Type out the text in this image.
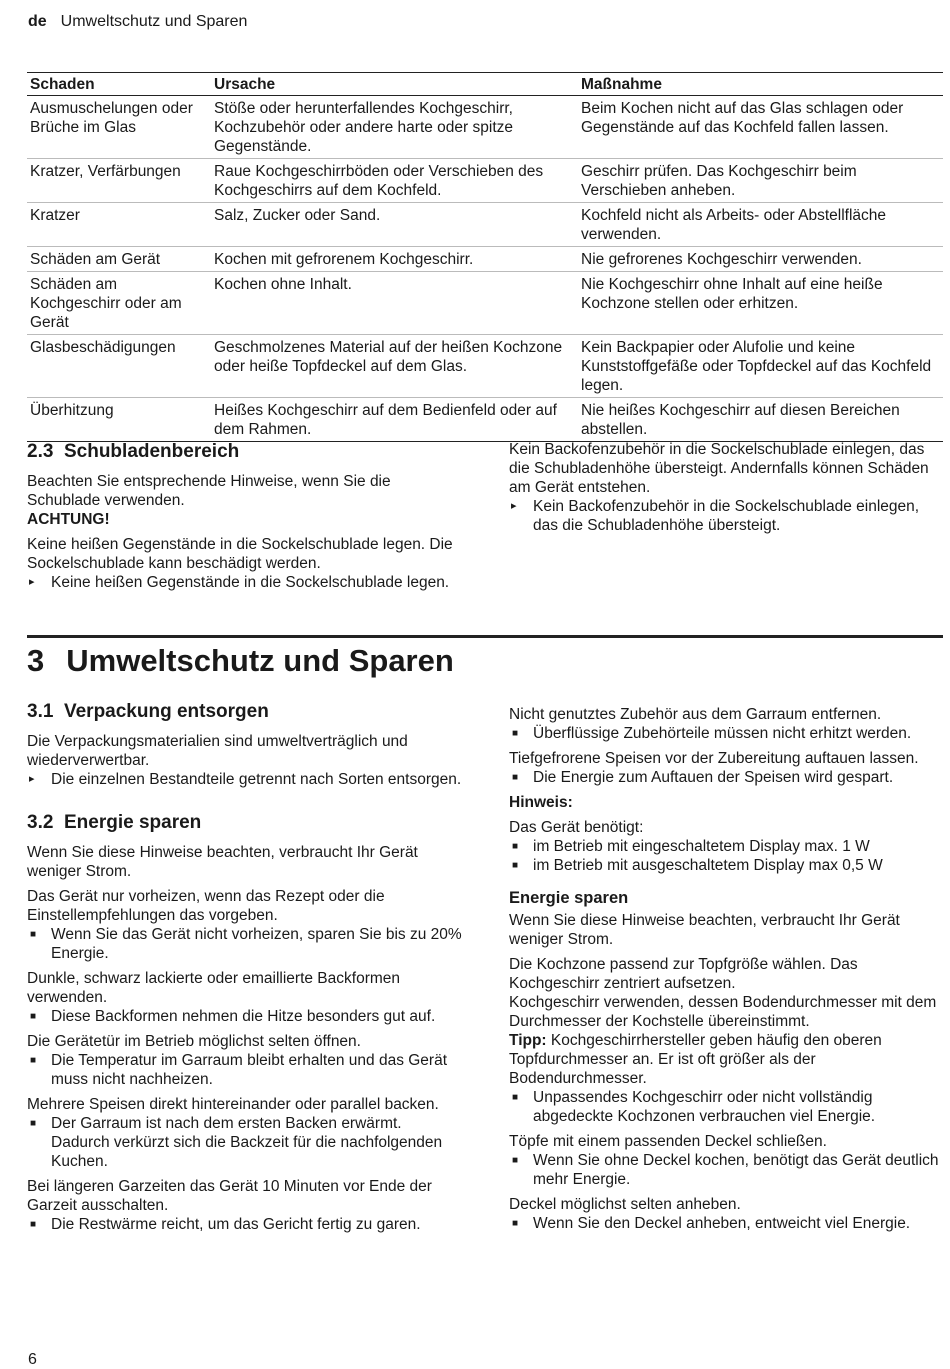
de Umweltschutz und Sparen
Schaden	Ursache	Maßnahme
Ausmuschelungen oder Brüche im Glas	Stöße oder herunterfallendes Kochgeschirr, Kochzubehör oder andere harte oder spitze Gegenstände.	Beim Kochen nicht auf das Glas schlagen oder Gegenstände auf das Kochfeld fallen lassen.
Kratzer, Verfärbungen	Raue Kochgeschirrböden oder Verschieben des Kochgeschirrs auf dem Kochfeld.	Geschirr prüfen. Das Kochgeschirr beim Verschieben anheben.
Kratzer	Salz, Zucker oder Sand.	Kochfeld nicht als Arbeits- oder Abstellfläche verwenden.
Schäden am Gerät	Kochen mit gefrorenem Kochgeschirr.	Nie gefrorenes Kochgeschirr verwenden.
Schäden am Kochgeschirr oder am Gerät	Kochen ohne Inhalt.	Nie Kochgeschirr ohne Inhalt auf eine heiße Kochzone stellen oder erhitzen.
Glasbeschädigungen	Geschmolzenes Material auf der heißen Kochzone oder heiße Topfdeckel auf dem Glas.	Kein Backpapier oder Alufolie und keine Kunststoffgefäße oder Topfdeckel auf das Kochfeld legen.
Überhitzung	Heißes Kochgeschirr auf dem Bedienfeld oder auf dem Rahmen.	Nie heißes Kochgeschirr auf diesen Bereichen abstellen.
2.3 Schubladenbereich

Beachten Sie entsprechende Hinweise, wenn Sie die Schublade verwenden.

ACHTUNG!

Keine heißen Gegenstände in die Sockelschublade legen. Die Sockelschublade kann beschädigt werden.

▸ Keine heißen Gegenstände in die Sockelschublade legen.

Kein Backofenzubehör in die Sockelschublade einlegen, das die Schubladenhöhe übersteigt. Andernfalls können Schäden am Gerät entstehen.

▸ Kein Backofenzubehör in die Sockelschublade einlegen, das die Schubladenhöhe übersteigt.
3 Umweltschutz und Sparen
3.1 Verpackung entsorgen

Die Verpackungsmaterialien sind umweltverträglich und wiederverwertbar.

▸ Die einzelnen Bestandteile getrennt nach Sorten entsorgen.
3.2 Energie sparen

Wenn Sie diese Hinweise beachten, verbraucht Ihr Gerät weniger Strom.

Das Gerät nur vorheizen, wenn das Rezept oder die Einstellempfehlungen das vorgeben.

■ Wenn Sie das Gerät nicht vorheizen, sparen Sie bis zu 20% Energie.

Dunkle, schwarz lackierte oder emaillierte Backformen verwenden.

■ Diese Backformen nehmen die Hitze besonders gut auf.

Die Gerätetür im Betrieb möglichst selten öffnen.

■ Die Temperatur im Garraum bleibt erhalten und das Gerät muss nicht nachheizen.

Mehrere Speisen direkt hintereinander oder parallel backen.

■ Der Garraum ist nach dem ersten Backen erwärmt. Dadurch verkürzt sich die Backzeit für die nachfolgenden Kuchen.

Bei längeren Garzeiten das Gerät 10 Minuten vor Ende der Garzeit ausschalten.

■ Die Restwärme reicht, um das Gericht fertig zu garen.

Nicht genutztes Zubehör aus dem Garraum entfernen.

■ Überflüssige Zubehörteile müssen nicht erhitzt werden.

Tiefgefrorene Speisen vor der Zubereitung auftauen lassen.

■ Die Energie zum Auftauen der Speisen wird gespart.

Hinweis:

Das Gerät benötigt:

■ im Betrieb mit eingeschaltetem Display max. 1 W
■ im Betrieb mit ausgeschaltetem Display max 0,5 W
Energie sparen

Wenn Sie diese Hinweise beachten, verbraucht Ihr Gerät weniger Strom.

Die Kochzone passend zur Topfgröße wählen. Das Kochgeschirr zentriert aufsetzen.

Kochgeschirr verwenden, dessen Bodendurchmesser mit dem Durchmesser der Kochstelle übereinstimmt.

Tipp: Kochgeschirrhersteller geben häufig den oberen Topfdurchmesser an. Er ist oft größer als der Bodendurchmesser.

■ Unpassendes Kochgeschirr oder nicht vollständig abgedeckte Kochzonen verbrauchen viel Energie.

Töpfe mit einem passenden Deckel schließen.

■ Wenn Sie ohne Deckel kochen, benötigt das Gerät deutlich mehr Energie.

Deckel möglichst selten anheben.

■ Wenn Sie den Deckel anheben, entweicht viel Energie.
6
